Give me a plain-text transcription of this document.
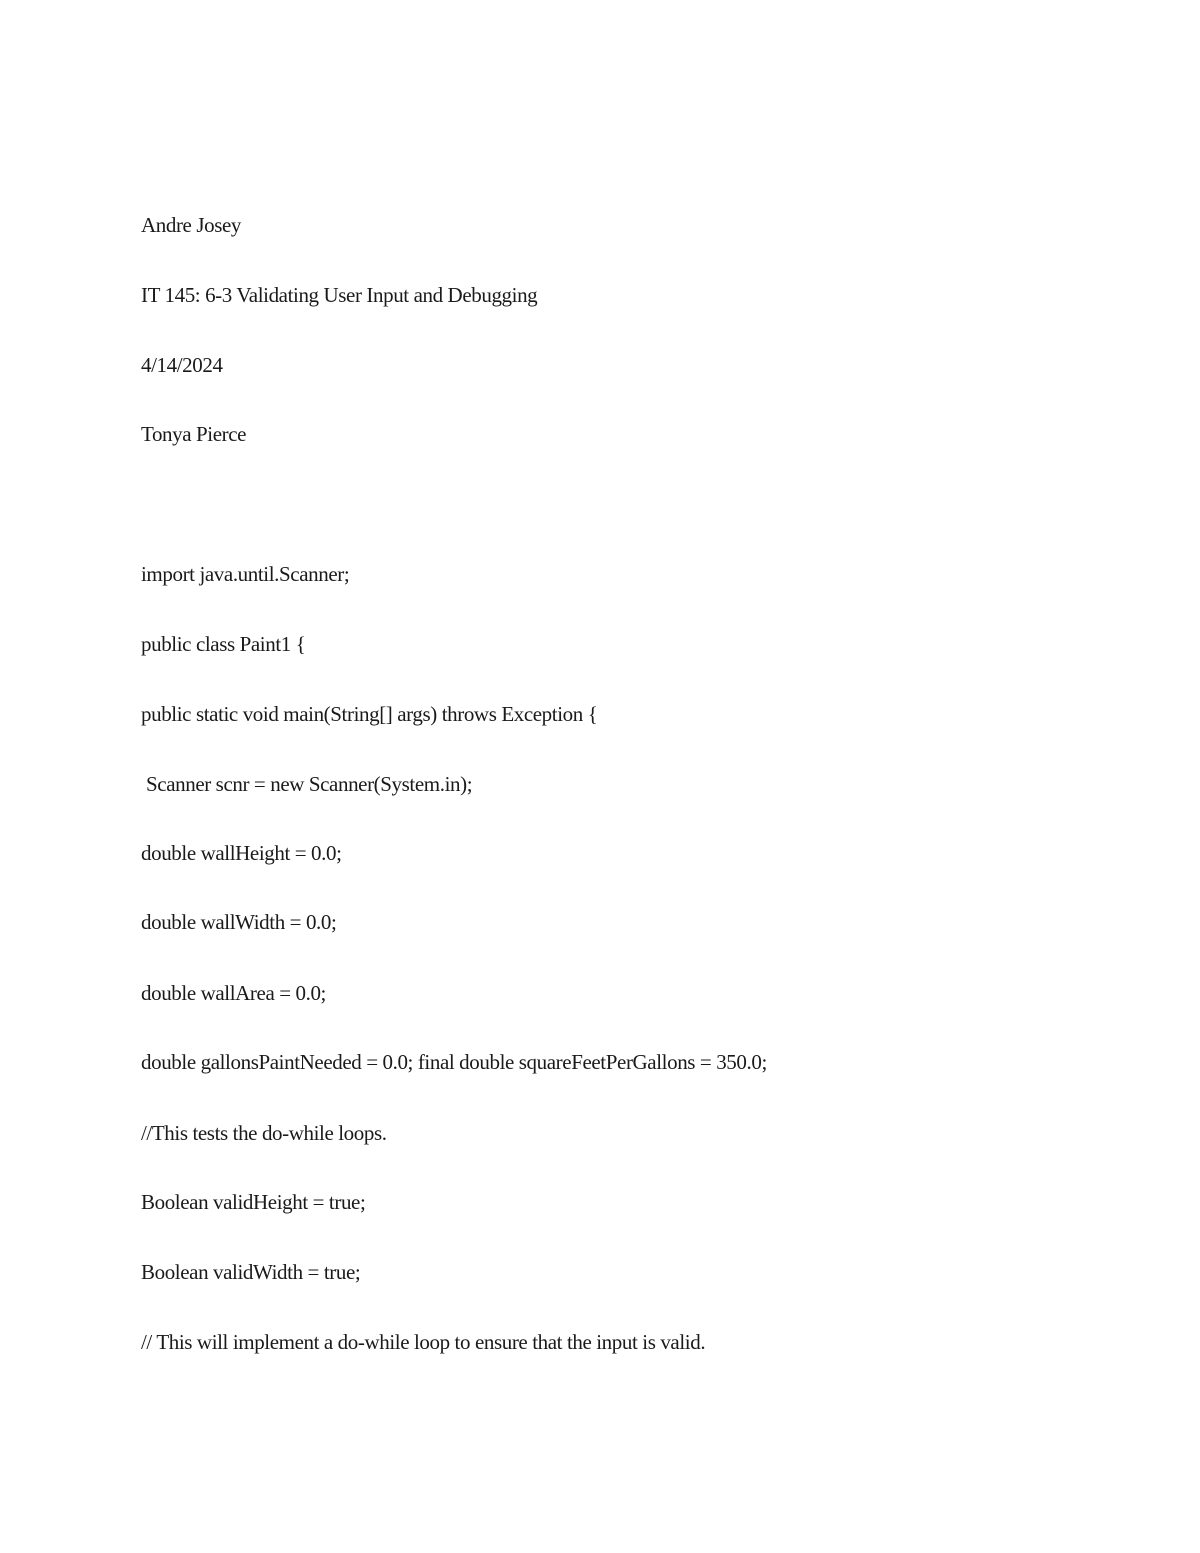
Andre Josey

IT 145: 6-3 Validating User Input and Debugging

4/14/2024

Tonya Pierce

import java.until.Scanner;

public class Paint1 {

public static void main(String[] args) throws Exception {

Scanner scnr = new Scanner(System.in);

double wallHeight = 0.0;

double wallWidth = 0.0;

double wallArea = 0.0;

double gallonsPaintNeeded = 0.0; final double squareFeetPerGallons = 350.0;

//This tests the do-while loops.

Boolean validHeight = true;

Boolean validWidth = true;

// This will implement a do-while loop to ensure that the input is valid.
